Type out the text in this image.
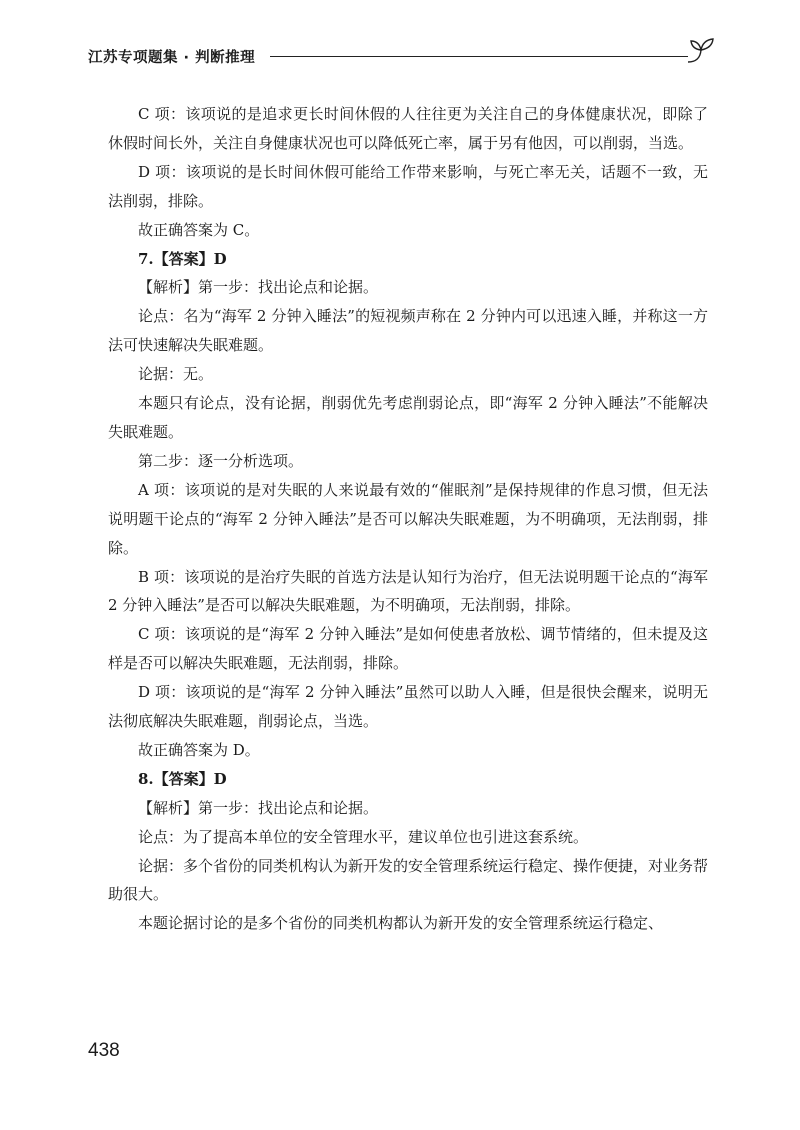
江苏专项题集 · 判断推理

C 项：该项说的是追求更长时间休假的人往往更为关注自己的身体健康状况，即除了休假时间长外，关注自身健康状况也可以降低死亡率，属于另有他因，可以削弱，当选。

D 项：该项说的是长时间休假可能给工作带来影响，与死亡率无关，话题不一致，无法削弱，排除。

故正确答案为 C。

7.【答案】D

【解析】第一步：找出论点和论据。

论点：名为“海军 2 分钟入睡法”的短视频声称在 2 分钟内可以迅速入睡，并称这一方法可快速解决失眠难题。

论据：无。

本题只有论点，没有论据，削弱优先考虑削弱论点，即“海军 2 分钟入睡法”不能解决失眠难题。

第二步：逐一分析选项。

A 项：该项说的是对失眠的人来说最有效的“催眠剂”是保持规律的作息习惯，但无法说明题干论点的“海军 2 分钟入睡法”是否可以解决失眠难题，为不明确项，无法削弱，排除。

B 项：该项说的是治疗失眠的首选方法是认知行为治疗，但无法说明题干论点的“海军 2 分钟入睡法”是否可以解决失眠难题，为不明确项，无法削弱，排除。

C 项：该项说的是“海军 2 分钟入睡法”是如何使患者放松、调节情绪的，但未提及这样是否可以解决失眠难题，无法削弱，排除。

D 项：该项说的是“海军 2 分钟入睡法”虽然可以助人入睡，但是很快会醒来，说明无法彻底解决失眠难题，削弱论点，当选。

故正确答案为 D。

8.【答案】D

【解析】第一步：找出论点和论据。

论点：为了提高本单位的安全管理水平，建议单位也引进这套系统。

论据：多个省份的同类机构认为新开发的安全管理系统运行稳定、操作便捷，对业务帮助很大。

本题论据讨论的是多个省份的同类机构都认为新开发的安全管理系统运行稳定、

438
